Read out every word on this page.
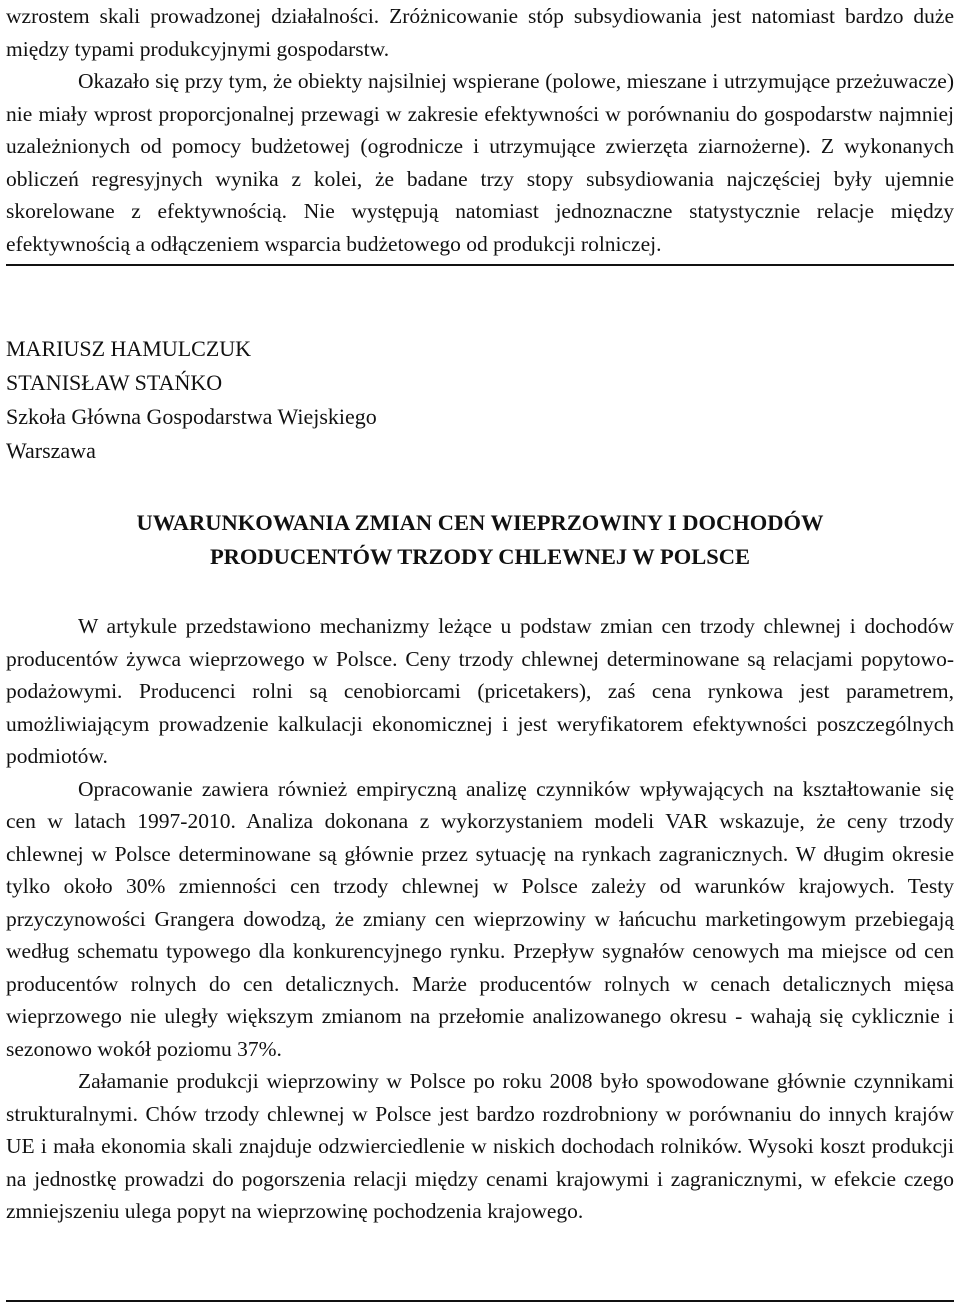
wzrostem skali prowadzonej działalności. Zróżnicowanie stóp subsydiowania jest natomiast bardzo duże między typami produkcyjnymi gospodarstw.

Okazało się przy tym, że obiekty najsilniej wspierane (polowe, mieszane i utrzymujące przeżuwacze) nie miały wprost proporcjonalnej przewagi w zakresie efektywności w porównaniu do gospodarstw najmniej uzależnionych od pomocy budżetowej (ogrodnicze i utrzymujące zwierzęta ziarnożerne). Z wykonanych obliczeń regresyjnych wynika z kolei, że badane trzy stopy subsydiowania najczęściej były ujemnie skorelowane z efektywnością. Nie występują natomiast jednoznaczne statystycznie relacje między efektywnością a odłączeniem wsparcia budżetowego od produkcji rolniczej.

MARIUSZ HAMULCZUK
STANISŁAW STAŃKO
Szkoła Główna Gospodarstwa Wiejskiego
Warszawa
UWARUNKOWANIA ZMIAN CEN WIEPRZOWINY I DOCHODÓW
PRODUCENTÓW TRZODY CHLEWNEJ W POLSCE

W artykule przedstawiono mechanizmy leżące u podstaw zmian cen trzody chlewnej i dochodów producentów żywca wieprzowego w Polsce. Ceny trzody chlewnej determinowane są relacjami popytowo-podażowymi. Producenci rolni są cenobiorcami (pricetakers), zaś cena rynkowa jest parametrem, umożliwiającym prowadzenie kalkulacji ekonomicznej i jest weryfikatorem efektywności poszczególnych podmiotów.

Opracowanie zawiera również empiryczną analizę czynników wpływających na kształtowanie się cen w latach 1997-2010. Analiza dokonana z wykorzystaniem modeli VAR wskazuje, że ceny trzody chlewnej w Polsce determinowane są głównie przez sytuację na rynkach zagranicznych. W długim okresie tylko około 30% zmienności cen trzody chlewnej w Polsce zależy od warunków krajowych. Testy przyczynowości Grangera dowodzą, że zmiany cen wieprzowiny w łańcuchu marketingowym przebiegają według schematu typowego dla konkurencyjnego rynku. Przepływ sygnałów cenowych ma miejsce od cen producentów rolnych do cen detalicznych. Marże producentów rolnych w cenach detalicznych mięsa wieprzowego nie uległy większym zmianom na przełomie analizowanego okresu - wahają się cyklicznie i sezonowo wokół poziomu 37%.

Załamanie produkcji wieprzowiny w Polsce po roku 2008 było spowodowane głównie czynnikami strukturalnymi. Chów trzody chlewnej w Polsce jest bardzo rozdrobniony w porównaniu do innych krajów UE i mała ekonomia skali znajduje odzwierciedlenie w niskich dochodach rolników. Wysoki koszt produkcji na jednostkę prowadzi do pogorszenia relacji między cenami krajowymi i zagranicznymi, w efekcie czego zmniejszeniu ulega popyt na wieprzowinę pochodzenia krajowego.
